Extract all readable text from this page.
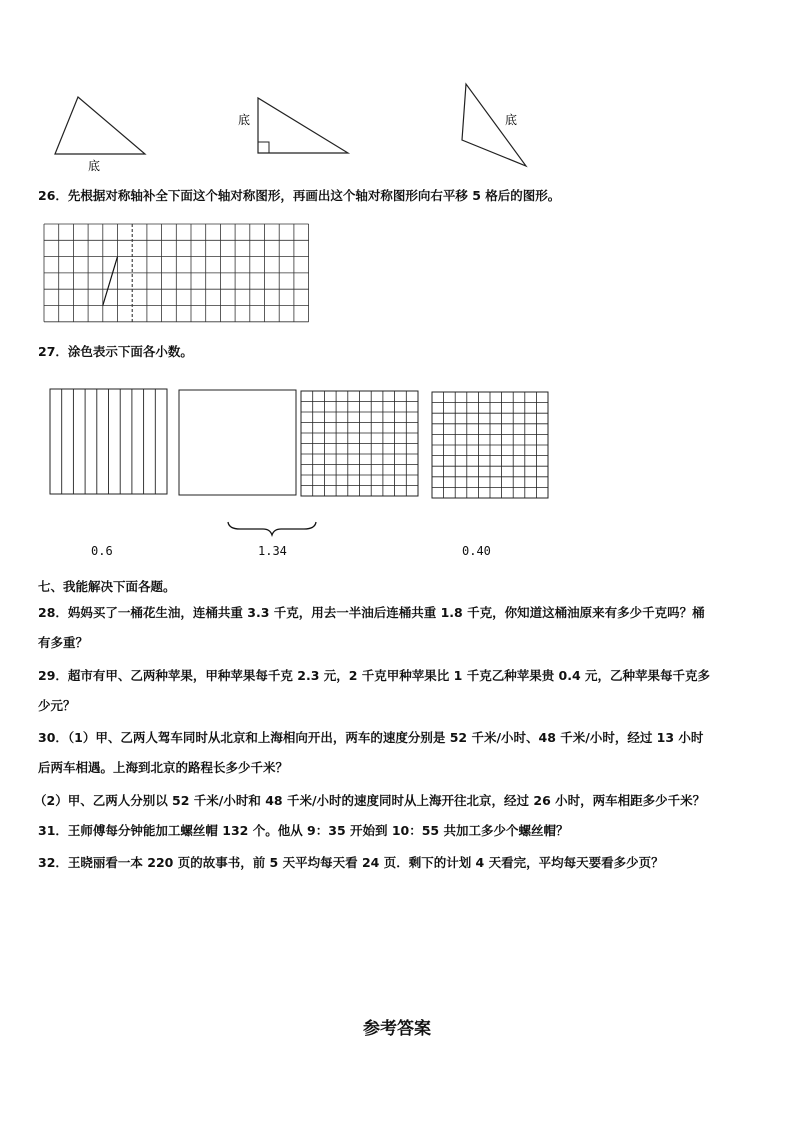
底
底	底
26．先根据对称轴补全下面这个轴对称图形，再画出这个轴对称图形向右平移 5 格后的图形。
27．涂色表示下面各小数。
0.6	1.34	0.40
七、我能解决下面各题。
28．妈妈买了一桶花生油，连桶共重 3.3 千克，用去一半油后连桶共重 1.8 千克，你知道这桶油原来有多少千克吗？桶
有多重？
29．超市有甲、乙两种苹果，甲种苹果每千克 2.3 元，2 千克甲种苹果比 1 千克乙种苹果贵 0.4 元，乙种苹果每千克多
少元？
30．（1）甲、乙两人驾车同时从北京和上海相向开出，两车的速度分别是 52 千米/小时、48 千米/小时，经过 13 小时
后两车相遇。上海到北京的路程长多少千米？
（2）甲、乙两人分别以 52 千米/小时和 48 千米/小时的速度同时从上海开往北京，经过 26 小时，两车相距多少千米？
31．王师傅每分钟能加工螺丝帽 132 个。他从 9：35 开始到 10：55 共加工多少个螺丝帽？
32．王晓丽看一本 220 页的故事书，前 5 天平均每天看 24 页．剩下的计划 4 天看完，平均每天要看多少页？
参考答案
